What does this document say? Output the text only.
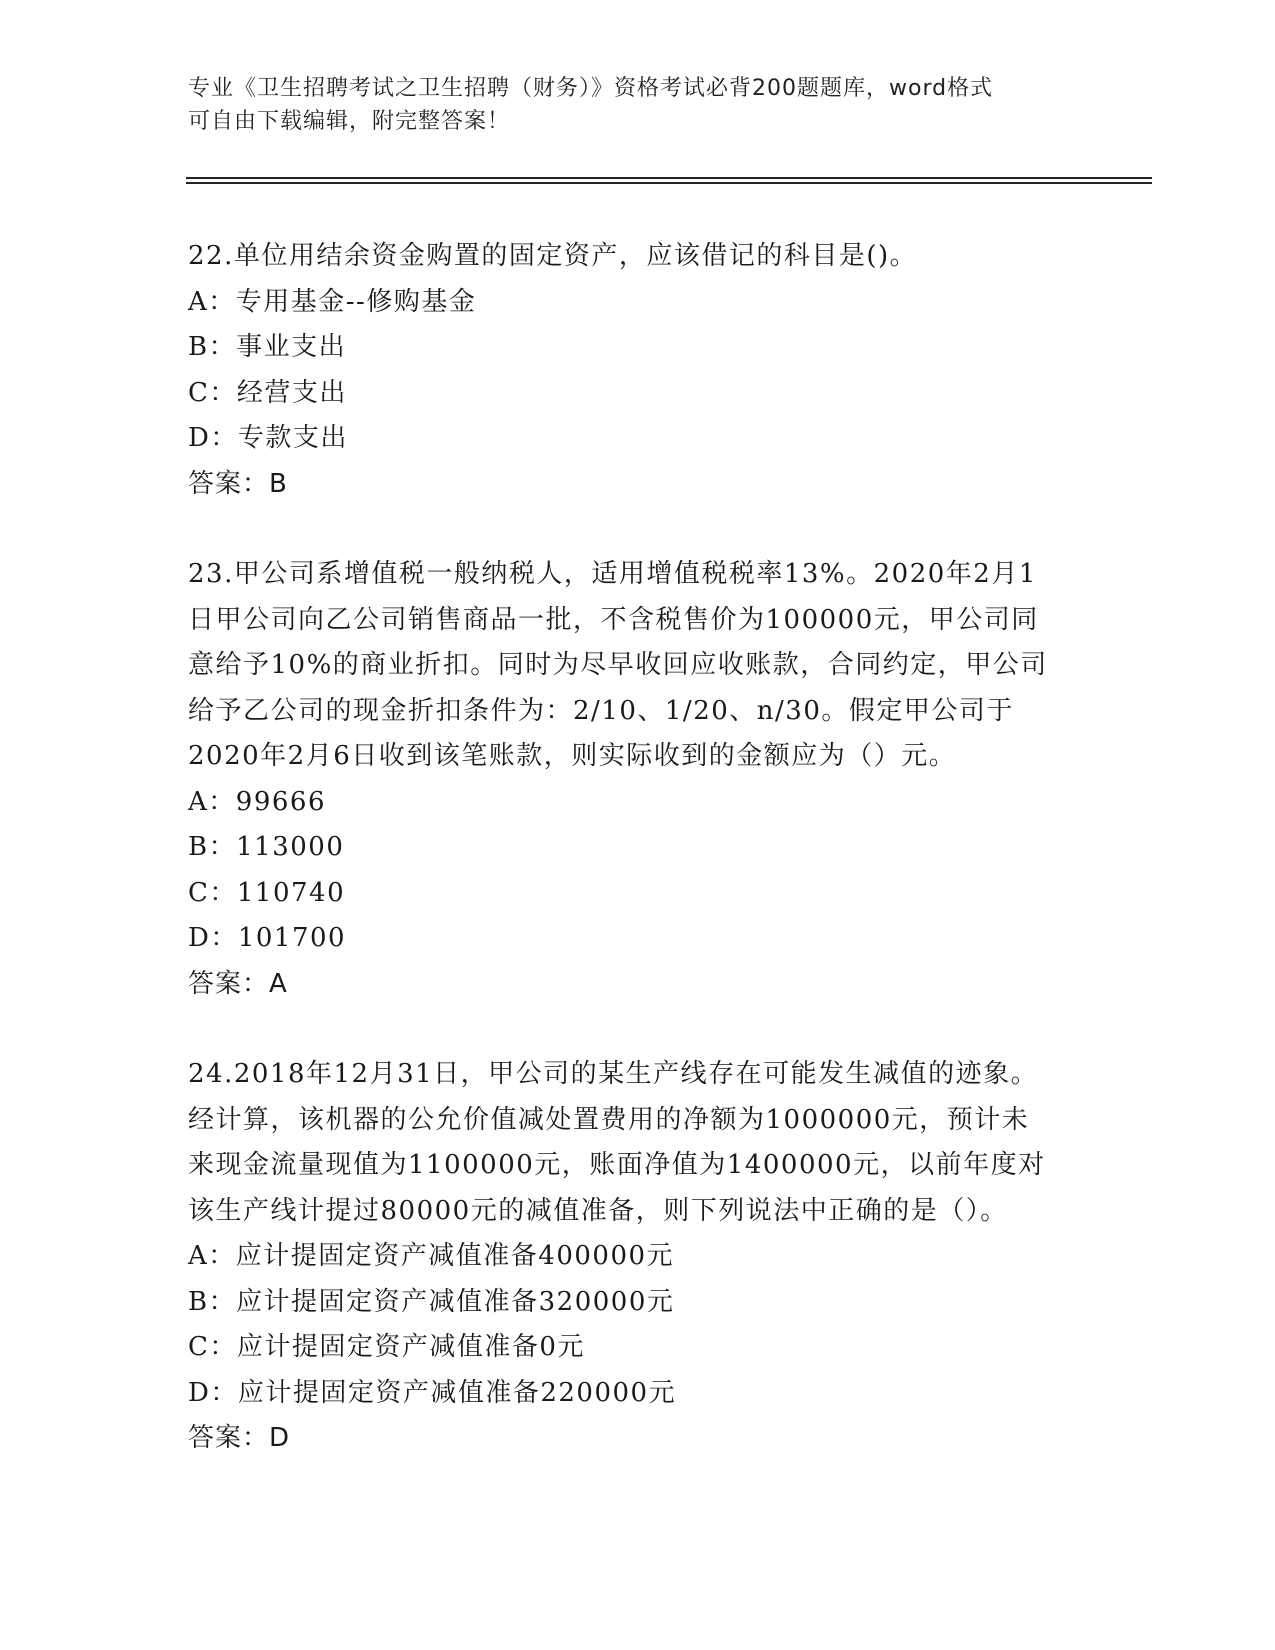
专业《卫生招聘考试之卫生招聘（财务）》资格考试必背200题题库，word格式
可自由下载编辑，附完整答案！

22.单位用结余资金购置的固定资产，应该借记的科目是()。

A：专用基金--修购基金

B：事业支出

C：经营支出

D：专款支出

答案：B

23.甲公司系增值税一般纳税人，适用增值税税率13%。2020年2月1

日甲公司向乙公司销售商品一批，不含税售价为100000元，甲公司同

意给予10%的商业折扣。同时为尽早收回应收账款，合同约定，甲公司

给予乙公司的现金折扣条件为：2/10、1/20、n/30。假定甲公司于

2020年2月6日收到该笔账款，则实际收到的金额应为（）元。

A：99666

B：113000

C：110740

D：101700

答案：A

24.2018年12月31日，甲公司的某生产线存在可能发生减值的迹象。

经计算，该机器的公允价值减处置费用的净额为1000000元，预计未

来现金流量现值为1100000元，账面净值为1400000元，以前年度对

该生产线计提过80000元的减值准备，则下列说法中正确的是（）。

A：应计提固定资产减值准备400000元

B：应计提固定资产减值准备320000元

C：应计提固定资产减值准备0元

D：应计提固定资产减值准备220000元

答案：D
